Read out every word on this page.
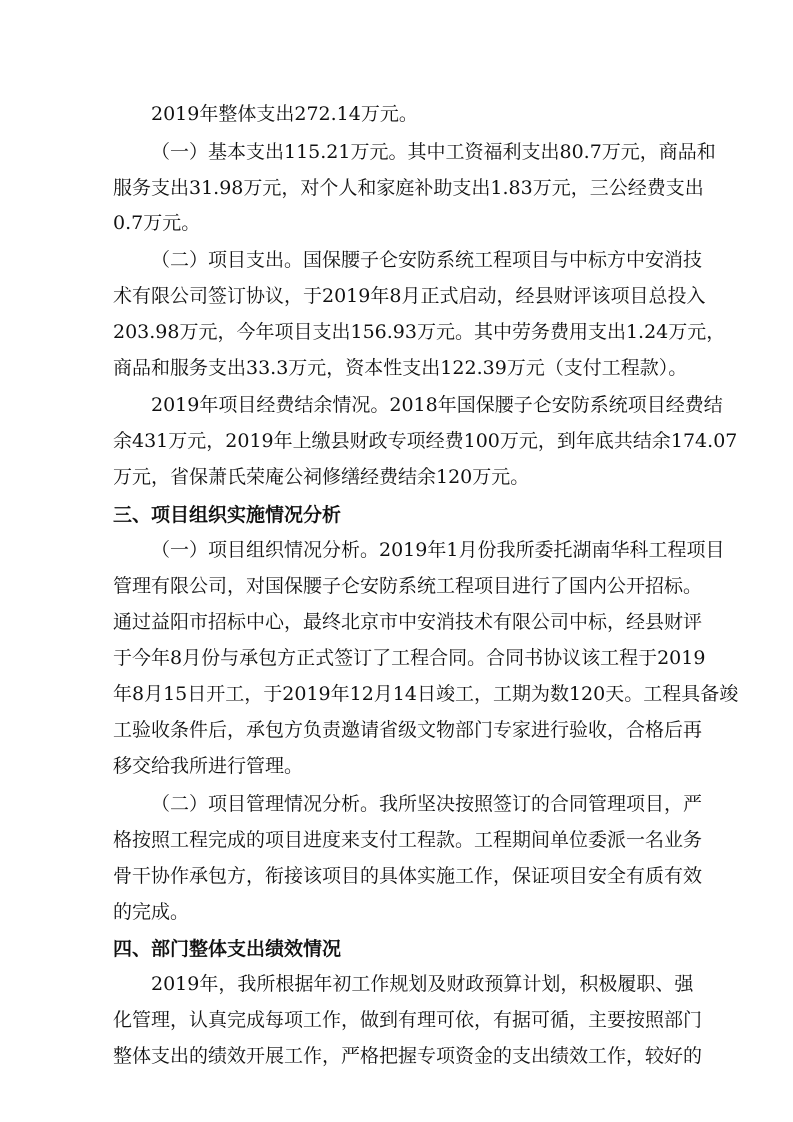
2019年整体支出272.14万元。
（一）基本支出115.21万元。其中工资福利支出80.7万元，商品和
服务支出31.98万元，对个人和家庭补助支出1.83万元，三公经费支出
0.7万元。
（二）项目支出。国保腰子仑安防系统工程项目与中标方中安消技
术有限公司签订协议，于2019年8月正式启动，经县财评该项目总投入
203.98万元，今年项目支出156.93万元。其中劳务费用支出1.24万元，
商品和服务支出33.3万元，资本性支出122.39万元（支付工程款）。
2019年项目经费结余情况。2018年国保腰子仑安防系统项目经费结
余431万元，2019年上缴县财政专项经费100万元，到年底共结余174.07
万元，省保萧氏荣庵公祠修缮经费结余120万元。
三、项目组织实施情况分析
（一）项目组织情况分析。2019年1月份我所委托湖南华科工程项目
管理有限公司，对国保腰子仑安防系统工程项目进行了国内公开招标。
通过益阳市招标中心，最终北京市中安消技术有限公司中标，经县财评
于今年8月份与承包方正式签订了工程合同。合同书协议该工程于2019
年8月15日开工，于2019年12月14日竣工，工期为数120天。工程具备竣
工验收条件后，承包方负责邀请省级文物部门专家进行验收，合格后再
移交给我所进行管理。
（二）项目管理情况分析。我所坚决按照签订的合同管理项目，严
格按照工程完成的项目进度来支付工程款。工程期间单位委派一名业务
骨干协作承包方，衔接该项目的具体实施工作，保证项目安全有质有效
的完成。
四、部门整体支出绩效情况
2019年，我所根据年初工作规划及财政预算计划，积极履职、强
化管理，认真完成每项工作，做到有理可依，有据可循，主要按照部门
整体支出的绩效开展工作，严格把握专项资金的支出绩效工作，较好的
